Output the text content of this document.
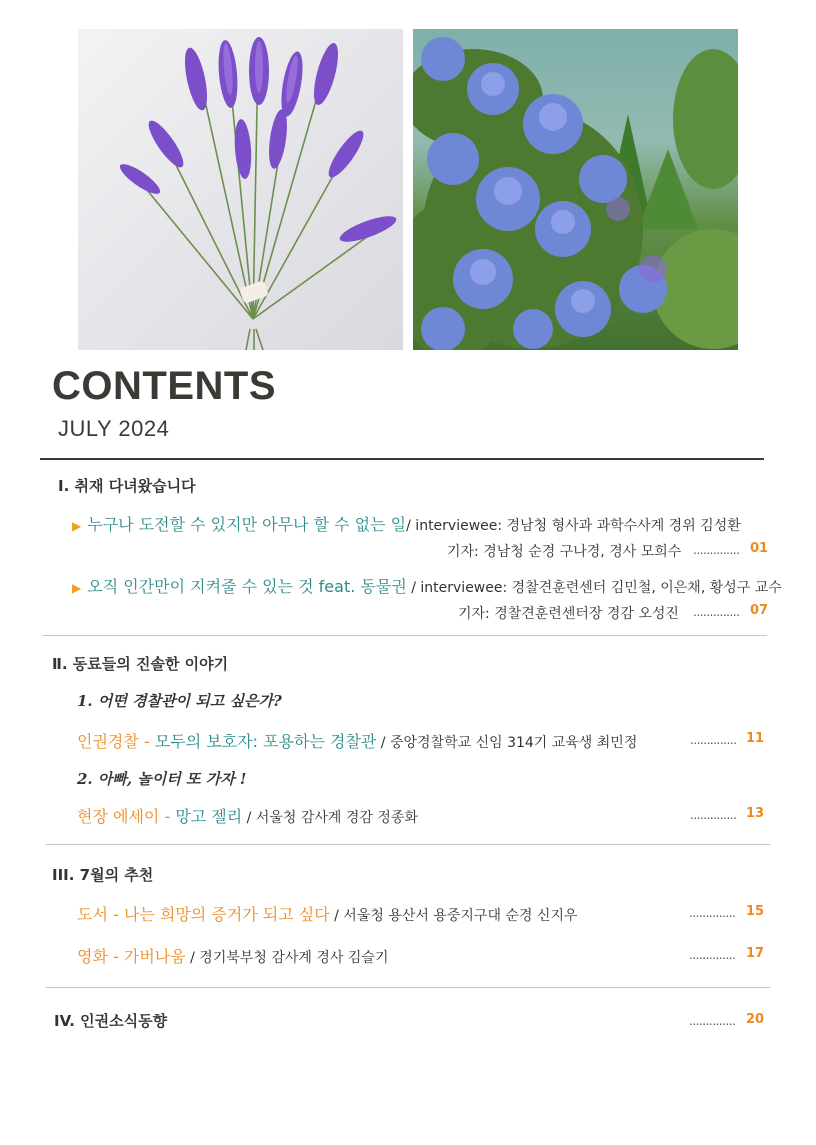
CONTENTS
JULY 2024
Ⅰ. 취재 다녀왔습니다
▶ 누구나 도전할 수 있지만 아무나 할 수 없는 일/ interviewee: 경남청 형사과 과학수사계 경위 김성환
기자: 경남청 순경 구나경, 경사 모희수 .............. 01
▶ 오직 인간만이 지켜줄 수 있는 것 feat. 동물권 / interviewee: 경찰견훈련센터 김민철, 이은채, 황성구 교수
기자: 경찰견훈련센터장 경감 오성진 .............. 07
Ⅱ. 동료들의 진솔한 이야기
1. 어떤 경찰관이 되고 싶은가?
인권경찰 - 모두의 보호자: 포용하는 경찰관 / 중앙경찰학교 신임 314기 교육생 최민정	.............. 11
2. 아빠, 놀이터 또 가자 !
현장 에세이 - 망고 젤리 / 서울청 감사계 경감 정종화	.............. 13
III. 7월의 추천
도서 - 나는 희망의 증거가 되고 싶다 / 서울청 용산서 용중지구대 순경 신지우	.............. 15
영화 - 가버나움 / 경기북부청 감사계 경사 김슬기	.............. 17
IV. 인권소식동향	.............. 20
